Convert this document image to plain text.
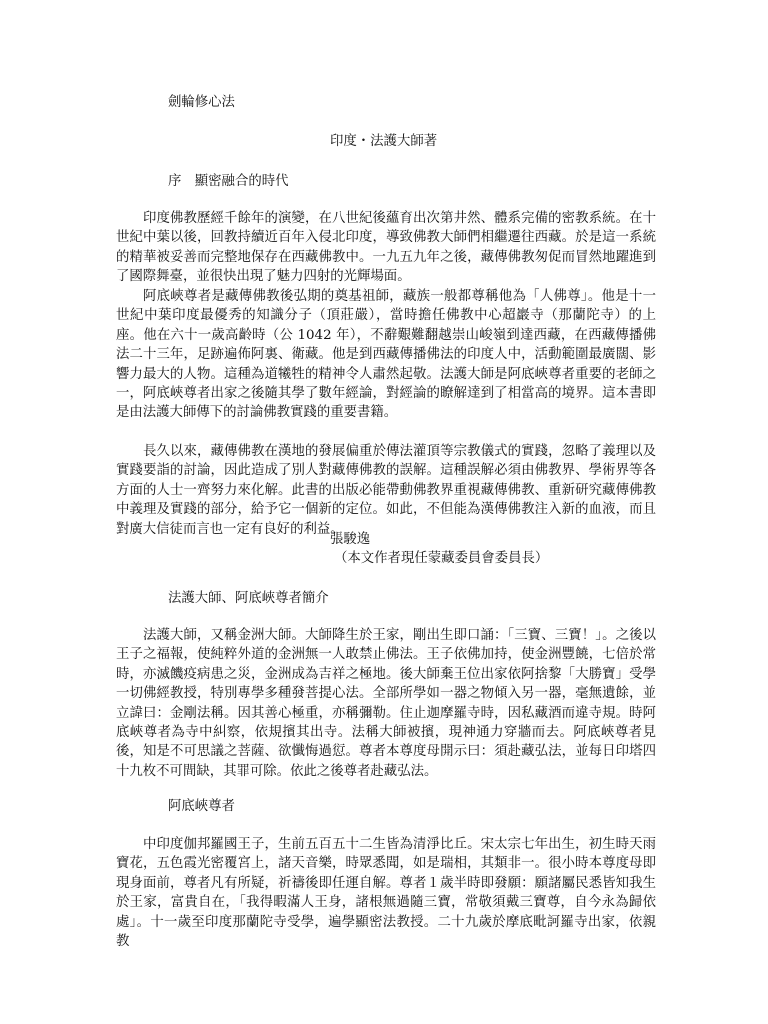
劍輪修心法
印度・法護大師著
序　顯密融合的時代

印度佛教歷經千餘年的演變，在八世紀後蘊育出次第井然、體系完備的密教系統。在十世紀中葉以後，回教持續近百年入侵北印度，導致佛教大師們相繼遷往西藏。於是這一系統的精華被妥善而完整地保存在西藏佛教中。一九五九年之後，藏傳佛教匆促而冒然地躍進到了國際舞臺，並很快出現了魅力四射的光輝場面。

阿底峽尊者是藏傳佛教後弘期的奠基祖師，藏族一般都尊稱他為「人佛尊」。他是十一世紀中葉印度最優秀的知識分子（頂莊嚴），當時擔任佛教中心超巖寺（那蘭陀寺）的上座。他在六十一歲高齡時（公 1042 年），不辭艱難翻越崇山峻嶺到達西藏，在西藏傳播佛法二十三年，足跡遍佈阿裏、衛藏。他是到西藏傳播佛法的印度人中，活動範圍最廣闊、影響力最大的人物。這種為道犧牲的精神令人肅然起敬。法護大師是阿底峽尊者重要的老師之一，阿底峽尊者出家之後隨其學了數年經論，對經論的瞭解達到了相當高的境界。這本書即是由法護大師傳下的討論佛教實踐的重要書籍。

長久以來，藏傳佛教在漢地的發展偏重於傳法灌頂等宗教儀式的實踐，忽略了義理以及實踐要詣的討論，因此造成了別人對藏傳佛教的誤解。這種誤解必須由佛教界、學術界等各方面的人士一齊努力來化解。此書的出版必能帶動佛教界重視藏傳佛教、重新研究藏傳佛教中義理及實踐的部分，給予它一個新的定位。如此，不但能為漢傳佛教注入新的血液，而且對廣大信徒而言也一定有良好的利益。

張駿逸
（本文作者現任蒙藏委員會委員長）
法護大師、阿底峽尊者簡介

法護大師，又稱金洲大師。大師降生於王家，剛出生即口誦：「三寶、三寶！」。之後以王子之福報，使純粹外道的金洲無一人敢禁止佛法。王子依佛加持，使金洲豐饒，七倍於常時，亦滅饑疫病患之災，金洲成為吉祥之極地。後大師棄王位出家依阿捨黎「大勝寶」受學一切佛經教授，特別專學多種發菩提心法。全部所學如一器之物傾入另一器，毫無遺餘，並立諱曰：金剛法稱。因其善心極重，亦稱彌勒。住止迦摩羅寺時，因私藏酒而違寺規。時阿底峽尊者為寺中糾察，依規擯其出寺。法稱大師被擯，現神通力穿牆而去。阿底峽尊者見後，知是不可思議之菩薩、欲懺悔過愆。尊者本尊度母開示曰：須赴藏弘法，並每日印塔四十九枚不可間缺，其罪可除。依此之後尊者赴藏弘法。

阿底峽尊者

中印度伽邦羅國王子，生前五百五十二生皆為清淨比丘。宋太宗七年出生，初生時天雨寶花，五色霞光密覆宮上，諸天音樂，時眾悉聞，如是瑞相，其類非一。很小時本尊度母即現身面前，尊者凡有所疑，祈禱後即任運自解。尊者１歲半時即發願：願諸屬民悉皆知我生於王家，富貴自在，「我得暇滿人王身，諸根無過隨三寶，常敬須戴三寶尊，自今永為歸依處」。十一歲至印度那蘭陀寺受學，遍學顯密法教授。二十九歲於摩底毗訶羅寺出家，依親教
